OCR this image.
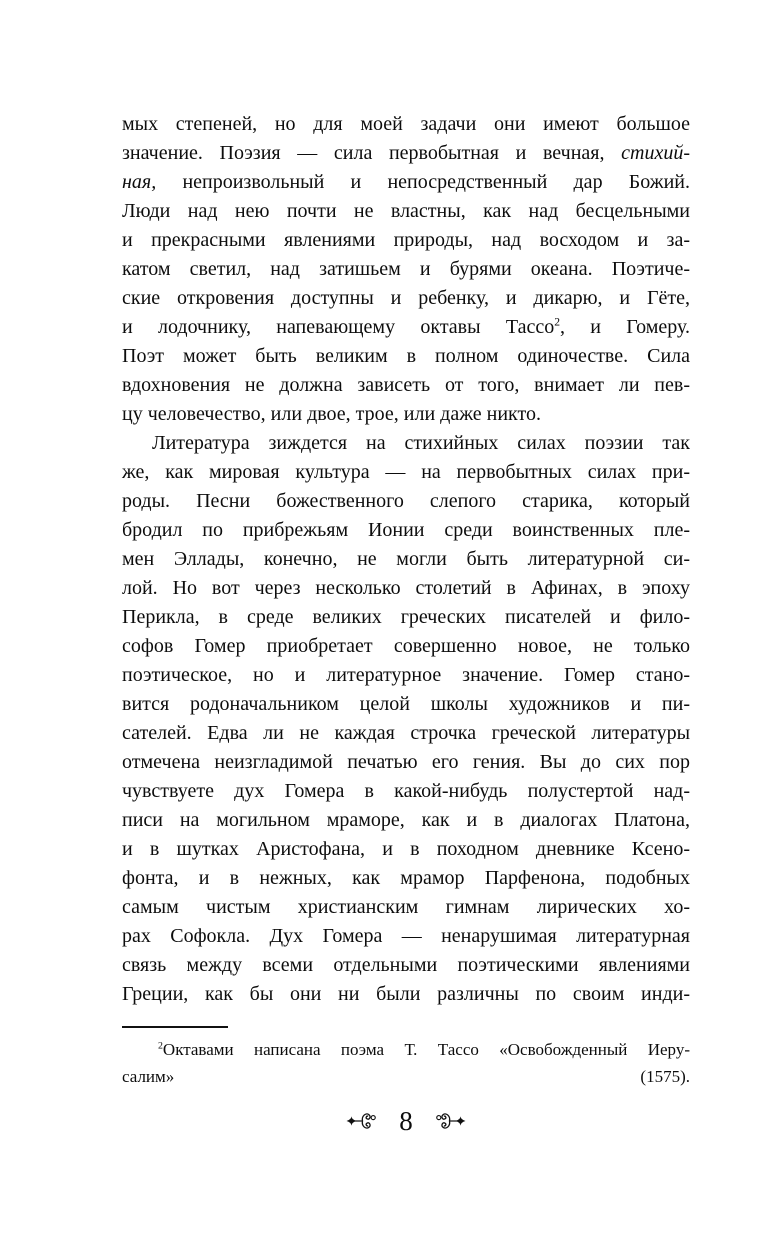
мых степеней, но для моей задачи они имеют большое
значение. Поэзия — сила первобытная и вечная, стихий-
ная, непроизвольный и непосредственный дар Божий.
Люди над нею почти не властны, как над бесцельными
и прекрасными явлениями природы, над восходом и за-
катом светил, над затишьем и бурями океана. Поэтиче-
ские откровения доступны и ребенку, и дикарю, и Гёте,
и лодочнику, напевающему октавы Тассо$^2$, и Гомеру.
Поэт может быть великим в полном одиночестве. Сила
вдохновения не должна зависеть от того, внимает ли пев-
цу человечество, или двое, трое, или даже никто.
Литература зиждется на стихийных силах поэзии так
же, как мировая культура — на первобытных силах при-
роды. Песни божественного слепого старика, который
бродил по прибрежьям Ионии среди воинственных пле-
мен Эллады, конечно, не могли быть литературной си-
лой. Но вот через несколько столетий в Афинах, в эпоху
Перикла, в среде великих греческих писателей и фило-
софов Гомер приобретает совершенно новое, не только
поэтическое, но и литературное значение. Гомер стано-
вится родоначальником целой школы художников и пи-
сателей. Едва ли не каждая строчка греческой литературы
отмечена неизгладимой печатью его гения. Вы до сих пор
чувствуете дух Гомера в какой-нибудь полустертой над-
писи на могильном мраморе, как и в диалогах Платона,
и в шутках Аристофана, и в походном дневнике Ксено-
фонта, и в нежных, как мрамор Парфенона, подобных
самым чистым христианским гимнам лирических хо-
рах Софокла. Дух Гомера — ненарушимая литературная
связь между всеми отдельными поэтическими явлениями
Греции, как бы они ни были различны по своим инди-
$^2$Октавами написана поэма Т. Тассо «Освобожденный Иеру-
салим» (1575).
8
